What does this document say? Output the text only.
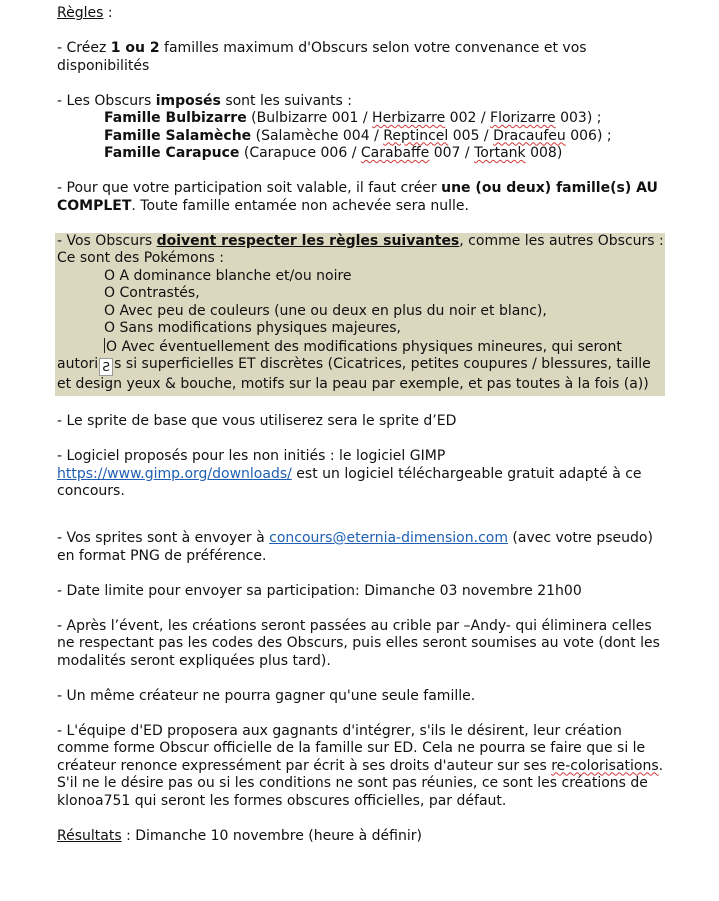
Règles :

- Créez 1 ou 2 familles maximum d'Obscurs selon votre convenance et vos disponibilités

- Les Obscurs imposés sont les suivants :

Famille Bulbizarre (Bulbizarre 001 / Herbizarre 002 / Florizarre 003) ;

Famille Salamèche (Salamèche 004 / Reptincel 005 / Dracaufeu 006) ;

Famille Carapuce (Carapuce 006 / Carabaffe 007 / Tortank 008)

- Pour que votre participation soit valable, il faut créer une (ou deux) famille(s) AU COMPLET. Toute famille entamée non achevée sera nulle.

- Vos Obscurs doivent respecter les règles suivantes, comme les autres Obscurs : Ce sont des Pokémons :

O A dominance blanche et/ou noire

O Contrastés,

O Avec peu de couleurs (une ou deux en plus du noir et blanc),

O Sans modifications physiques majeures,

O Avec éventuellement des modifications physiques mineures, qui seront

autori Ƨ s si superficielles ET discrètes (Cicatrices, petites coupures / blessures, taille et design yeux & bouche, motifs sur la peau par exemple, et pas toutes à la fois (a))

- Le sprite de base que vous utiliserez sera le sprite d’ED

- Logiciel proposés pour les non initiés : le logiciel GIMP
https://www.gimp.org/downloads/ est un logiciel téléchargeable gratuit adapté à ce concours.

- Vos sprites sont à envoyer à concours@eternia-dimension.com (avec votre pseudo) en format PNG de préférence.

- Date limite pour envoyer sa participation: Dimanche 03 novembre 21h00

- Après l’évent, les créations seront passées au crible par –Andy- qui éliminera celles ne respectant pas les codes des Obscurs, puis elles seront soumises au vote (dont les modalités seront expliquées plus tard).

- Un même créateur ne pourra gagner qu'une seule famille.

- L'équipe d'ED proposera aux gagnants d'intégrer, s'ils le désirent, leur création comme forme Obscur officielle de la famille sur ED. Cela ne pourra se faire que si le créateur renonce expressément par écrit à ses droits d'auteur sur ses re-colorisations. S'il ne le désire pas ou si les conditions ne sont pas réunies, ce sont les créations de klonoa751 qui seront les formes obscures officielles, par défaut.

Résultats : Dimanche 10 novembre (heure à définir)
